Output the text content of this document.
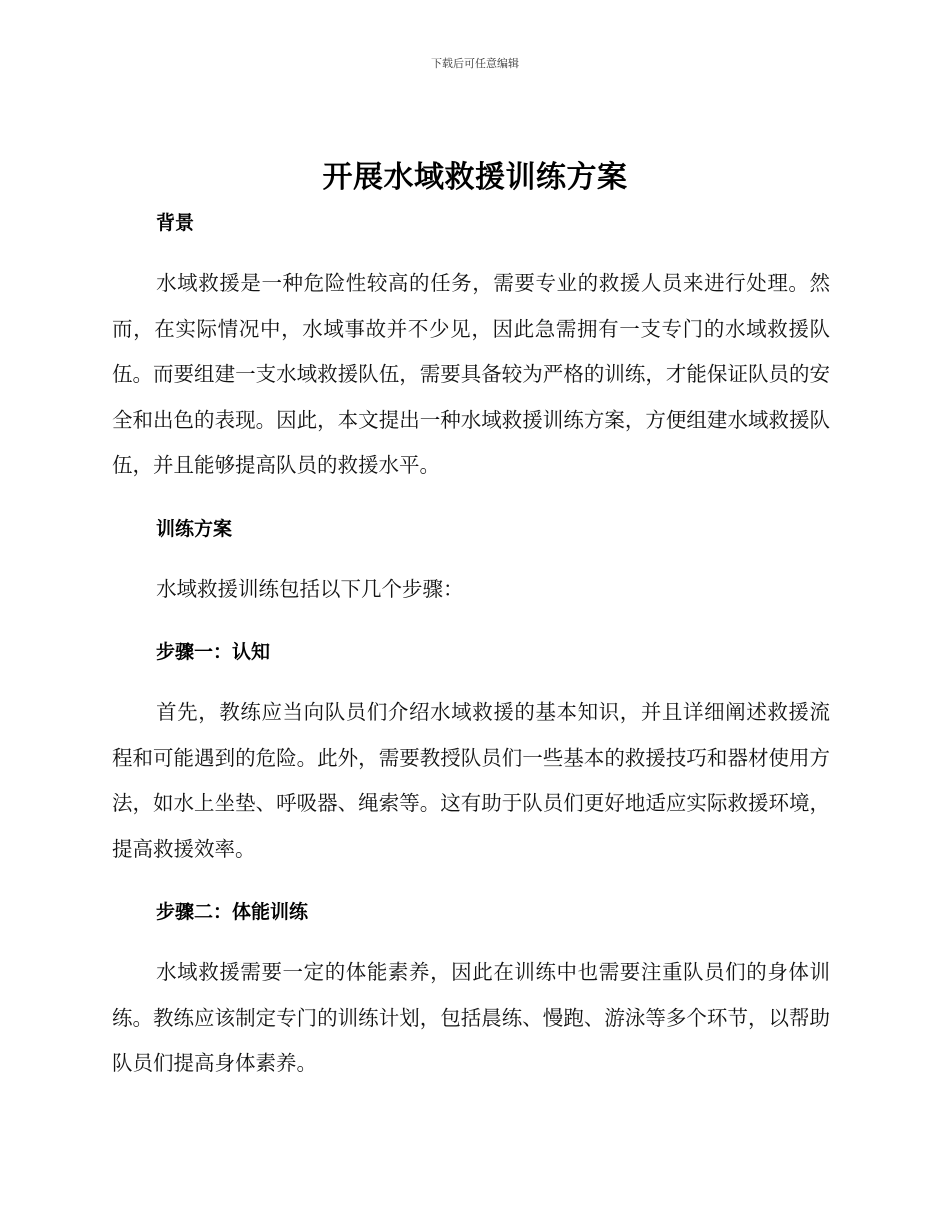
下载后可任意编辑
开展水域救援训练方案
背景

水域救援是一种危险性较高的任务，需要专业的救援人员来进行处理。然而，在实际情况中，水域事故并不少见，因此急需拥有一支专门的水域救援队伍。而要组建一支水域救援队伍，需要具备较为严格的训练，才能保证队员的安全和出色的表现。因此，本文提出一种水域救援训练方案，方便组建水域救援队伍，并且能够提高队员的救援水平。

训练方案

水域救援训练包括以下几个步骤：

步骤一：认知

首先，教练应当向队员们介绍水域救援的基本知识，并且详细阐述救援流程和可能遇到的危险。此外，需要教授队员们一些基本的救援技巧和器材使用方法，如水上坐垫、呼吸器、绳索等。这有助于队员们更好地适应实际救援环境，提高救援效率。

步骤二：体能训练

水域救援需要一定的体能素养，因此在训练中也需要注重队员们的身体训练。教练应该制定专门的训练计划，包括晨练、慢跑、游泳等多个环节，以帮助队员们提高身体素养。
